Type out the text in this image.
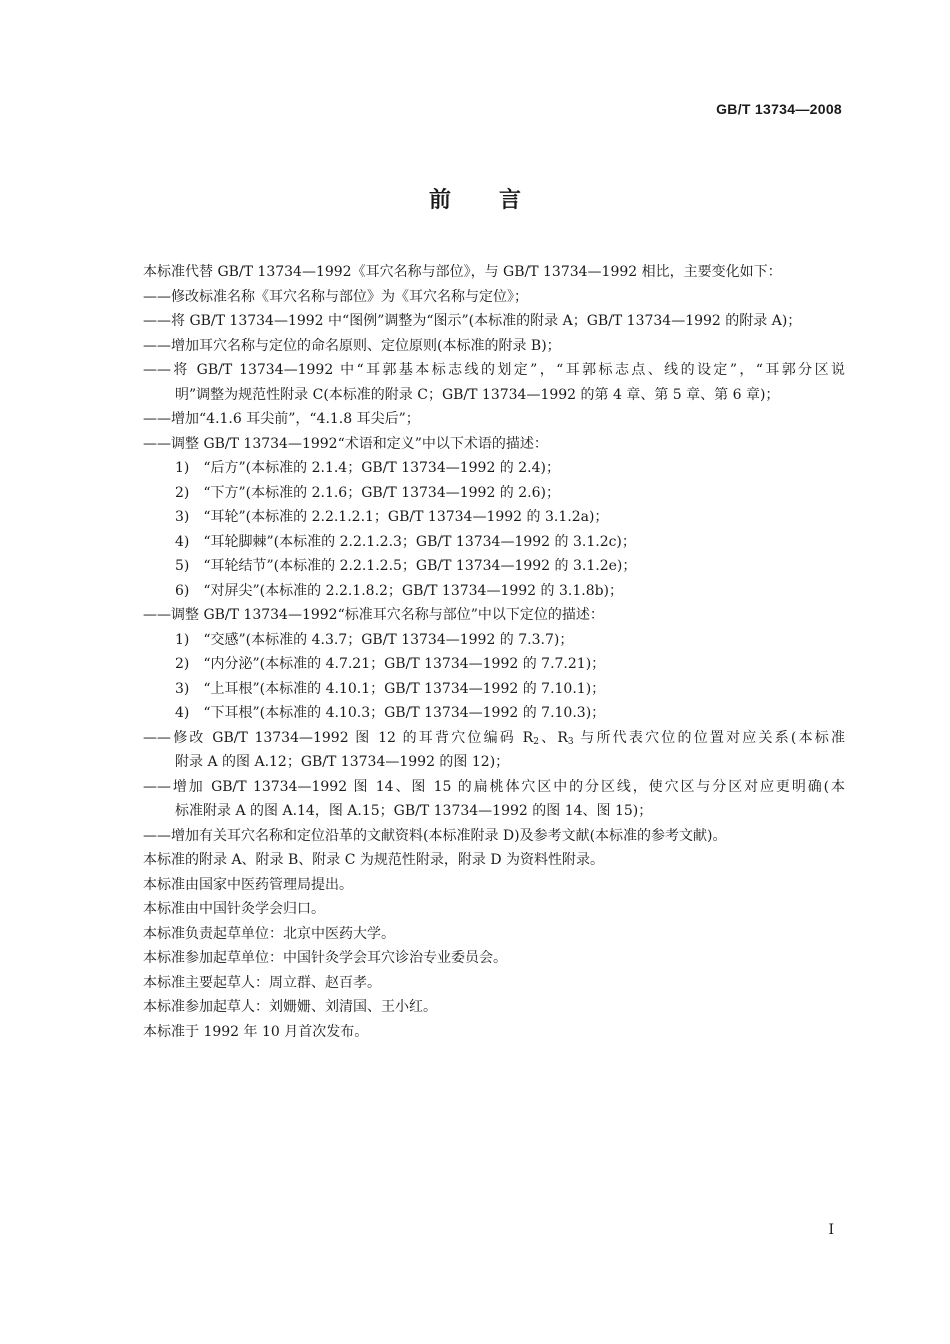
GB/T 13734—2008
前言
本标准代替 GB/T 13734—1992《耳穴名称与部位》，与 GB/T 13734—1992 相比，主要变化如下：
——修改标准名称《耳穴名称与部位》为《耳穴名称与定位》；
——将 GB/T 13734—1992 中“图例”调整为“图示”(本标准的附录 A；GB/T 13734—1992 的附录 A)；
——增加耳穴名称与定位的命名原则、定位原则(本标准的附录 B)；
——将 GB/T 13734—1992 中“耳郭基本标志线的划定”，“耳郭标志点、线的设定”，“耳郭分区说
明”调整为规范性附录 C(本标准的附录 C；GB/T 13734—1992 的第 4 章、第 5 章、第 6 章)；
——增加“4.1.6 耳尖前”，“4.1.8 耳尖后”；
——调整 GB/T 13734—1992“术语和定义”中以下术语的描述：
1)　“后方”(本标准的 2.1.4；GB/T 13734—1992 的 2.4)；
2)　“下方”(本标准的 2.1.6；GB/T 13734—1992 的 2.6)；
3)　“耳轮”(本标准的 2.2.1.2.1；GB/T 13734—1992 的 3.1.2a)；
4)　“耳轮脚棘”(本标准的 2.2.1.2.3；GB/T 13734—1992 的 3.1.2c)；
5)　“耳轮结节”(本标准的 2.2.1.2.5；GB/T 13734—1992 的 3.1.2e)；
6)　“对屏尖”(本标准的 2.2.1.8.2；GB/T 13734—1992 的 3.1.8b)；
——调整 GB/T 13734—1992“标准耳穴名称与部位”中以下定位的描述：
1)　“交感”(本标准的 4.3.7；GB/T 13734—1992 的 7.3.7)；
2)　“内分泌”(本标准的 4.7.21；GB/T 13734—1992 的 7.7.21)；
3)　“上耳根”(本标准的 4.10.1；GB/T 13734—1992 的 7.10.1)；
4)　“下耳根”(本标准的 4.10.3；GB/T 13734—1992 的 7.10.3)；
——修改 GB/T 13734—1992 图 12 的耳背穴位编码 $R_2$、$R_3$ 与所代表穴位的位置对应关系(本标准
附录 A 的图 A.12；GB/T 13734—1992 的图 12)；
——增加 GB/T 13734—1992 图 14、图 15 的扁桃体穴区中的分区线，使穴区与分区对应更明确(本
标准附录 A 的图 A.14，图 A.15；GB/T 13734—1992 的图 14、图 15)；
——增加有关耳穴名称和定位沿革的文献资料(本标准附录 D)及参考文献(本标准的参考文献)。
本标准的附录 A、附录 B、附录 C 为规范性附录，附录 D 为资料性附录。
本标准由国家中医药管理局提出。
本标准由中国针灸学会归口。
本标准负责起草单位：北京中医药大学。
本标准参加起草单位：中国针灸学会耳穴诊治专业委员会。
本标准主要起草人：周立群、赵百孝。
本标准参加起草人：刘姗姗、刘清国、王小红。
本标准于 1992 年 10 月首次发布。
I
